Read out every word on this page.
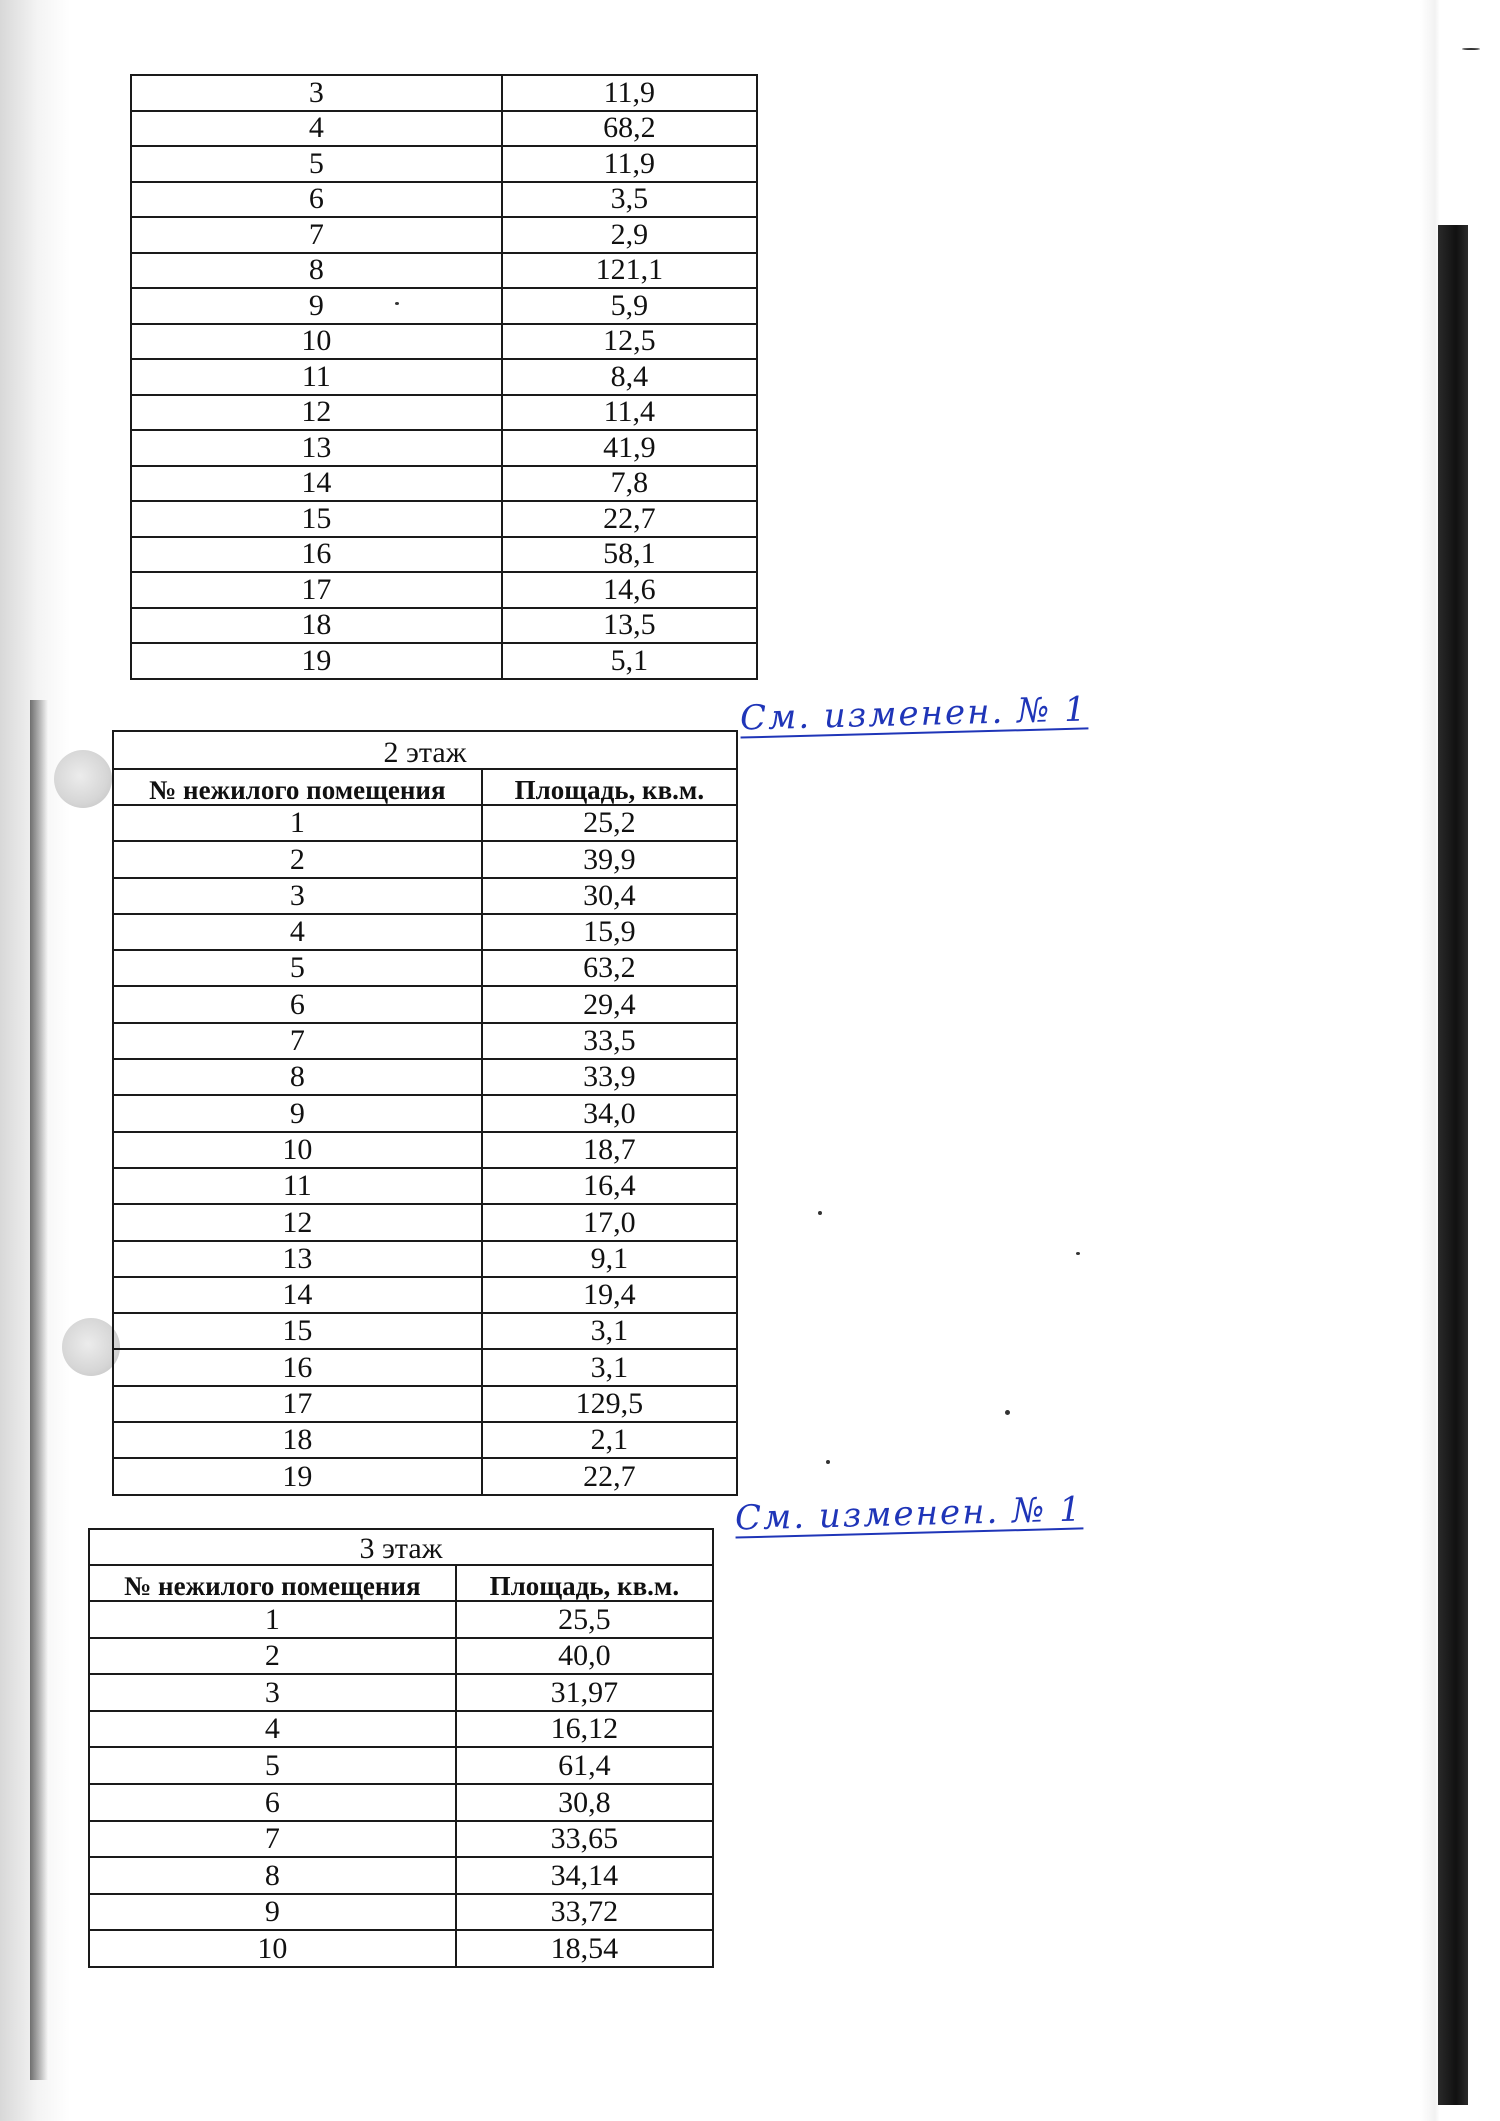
3	11,9
4	68,2
5	11,9
6	3,5
7	2,9
8	121,1
9	5,9
10	12,5
11	8,4
12	11,4
13	41,9
14	7,8
15	22,7
16	58,1
17	14,6
18	13,5
19	5,1
2 этаж	
№ нежилого помещения	Площадь, кв.м.
1	25,2
2	39,9
3	30,4
4	15,9
5	63,2
6	29,4
7	33,5
8	33,9
9	34,0
10	18,7
11	16,4
12	17,0
13	9,1
14	19,4
15	3,1
16	3,1
17	129,5
18	2,1
19	22,7
3 этаж	
№ нежилого помещения	Площадь, кв.м.
1	25,5
2	40,0
3	31,97
4	16,12
5	61,4
6	30,8
7	33,65
8	34,14
9	33,72
10	18,54
См. изменен. № 1
См. изменен. № 1
